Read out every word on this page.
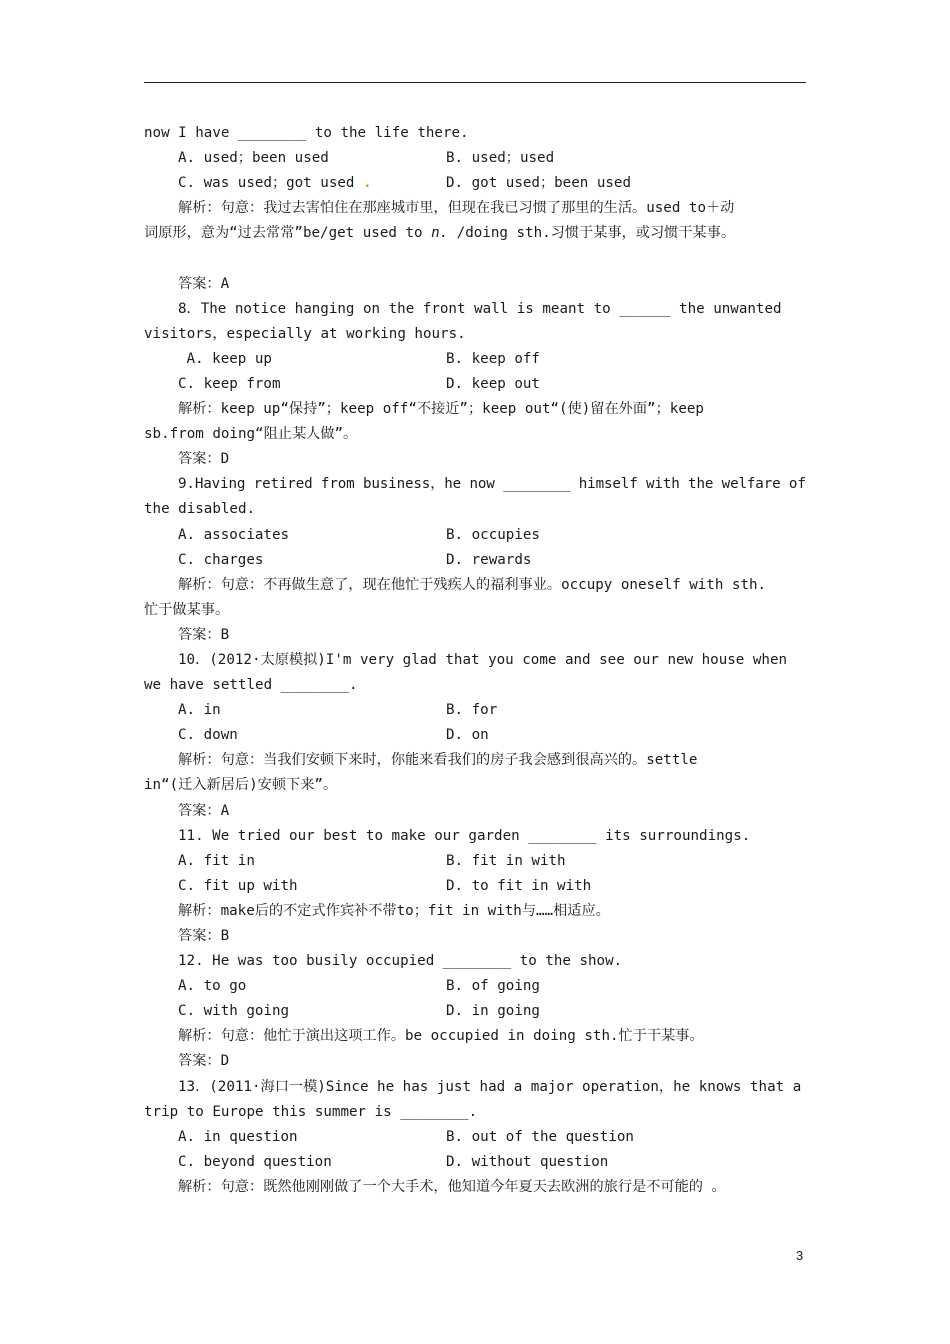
now I have ________ to the life there.
A. used；been used	B. used；used
C. was used；got used .	D. got used；been used
解析：句意：我过去害怕住在那座城市里，但现在我已习惯了那里的生活。used to＋动
词原形，意为“过去常常”be/get used to n. /doing sth.习惯于某事，或习惯干某事。
答案：A
8．The notice hanging on the front wall is meant to ______ the unwanted
visitors，especially at working hours.
A. keep up	B. keep off
C. keep from	D. keep out
解析：keep up“保持”；keep off“不接近”；keep out“(使)留在外面”；keep
sb.from doing“阻止某人做”。
答案：D
9.Having retired from business，he now ________ himself with the welfare of
the disabled.
A. associates	B. occupies
C. charges	D. rewards
解析：句意：不再做生意了，现在他忙于残疾人的福利事业。occupy oneself with sth.
忙于做某事。
答案：B
10．(2012·太原模拟)I'm very glad that you come and see our new house when
we have settled ________.
A. in	B. for
C. down	D. on
解析：句意：当我们安顿下来时，你能来看我们的房子我会感到很高兴的。settle
in“(迁入新居后)安顿下来”。
答案：A
11. We tried our best to make our garden ________ its surroundings.
A. fit in	B. fit in with
C. fit up with	D. to fit in with
解析：make后的不定式作宾补不带to；fit in with与……相适应。
答案：B
12. He was too busily occupied ________ to the show.
A. to go	B. of going
C. with going	D. in going
解析：句意：他忙于演出这项工作。be occupied in doing sth.忙于干某事。
答案：D
13．(2011·海口一模)Since he has just had a major operation，he knows that a
trip to Europe this summer is ________.
A. in question	B. out of the question
C. beyond question	D. without question
解析：句意：既然他刚刚做了一个大手术，他知道今年夏天去欧洲的旅行是不可能的 。
3
